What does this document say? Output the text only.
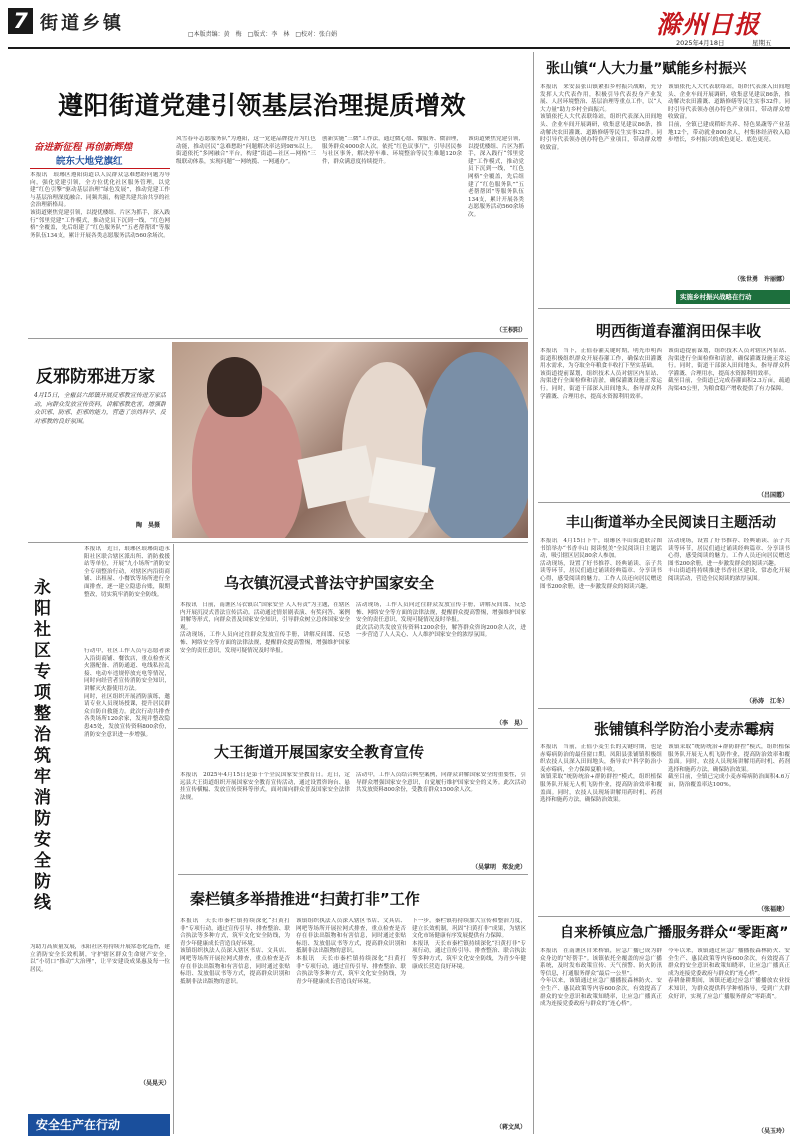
7 街道乡镇
□本版责编：黄　梅　□版式：李　林　□校对：张白娟	滁州日报
2025年4月18日	星期五
遵阳街道党建引领基层治理提质增效
奋进新征程 再创新辉煌
皖东大地党旗红
本报讯　琅琊区遵阳街道以人民群众急难愁盼问题为导向，强化党建引领，全方位优化社区服务管理，以党建“红色引擎”驱动基层治理“绿色发展”，推动党建工作与基层治理深度融合、同频共振，构建共建共治共享的社会治理新格局。
该街道聚焦党建引领，以提优楼组、片区为抓手，深入践行“邻里党建”工作模式，推动党员下沉到一线，“红色网格”全覆盖，先后组建了“红色服务队”“五老帮帮团”等服务队伍134支，累计开展各类志愿服务活动560余场次。
风雪春年志愿服务队”为遵阳，这一党建品牌提升为红色动能，推动居民“急难愁盼”问题解决率达到98%以上。街道依托“多网融合”平台，构建“街道—社区—网格”三级联动体系，实现问题“一网统揽、一网通办”。
创新实施“三微”工作法，通过微心愿、微服务、微治理，服务群众4000余人次。依托“红色议事厅”，引导居民参与社区事务，解决停车难、环境整治等民生难题120余件，群众满意度持续提升。
该街道聚焦党建引领，以提优楼组、片区为抓手，深入践行“邻里党建”工作模式，推动党员下沉到一线，“红色网格”全覆盖，先后组建了“红色服务队”“五老帮帮团”等服务队伍134支，累计开展各类志愿服务活动560余场次。
（王枳阳）
反邪防邪进万家
4月15日，全椒县六郎镇开展反邪教宣传进万家活动，向群众发放宣传资料，讲解邪教危害，增强群众识邪、防邪、拒邪的能力，营造了崇尚科学、反对邪教的良好氛围。
陶　昊摄
本报讯　近日，琅琊区琅琊街道永阳社区联合辖区派出所、消防救援站等单位，开展“九小场所”消防安全专项整治行动，对辖区内沿街商铺、出租屋、小餐饮等场所进行全面排查，逐一建立隐患台账，限期整改，切实筑牢消防安全防线。
永阳社区专项整治筑牢消防安全防线
行动中，社区工作人员与志愿者深入沿街商铺、餐饮店，重点检查灭火器配备、消防通道、电线私拉乱接、电动车违规停放充电等情况，同时向经营者宣传消防安全知识，讲解灭火器使用方法。
同时，社区组织开展消防演练，邀请专业人员现场授课，提升居民群众自防自救能力。此次行动共排查各类场所120余家，发现并整改隐患45处，发放宣传资料800余份，消防安全意识进一步增强。
为助力高质量发展，永阳社区将持续开展常态化巡查，建立消防安全长效机制，守护辖区群众生命财产安全，以“小切口”推动“大治理”，让平安建设成果惠及每一位居民。
（吴晃天）
安全生产在行动
乌衣镇沉浸式普法守护国家安全
本报讯　日前，南谯区乌衣镇以“国家安全 人人有责”为主题，在辖区内开展沉浸式普法宣传活动。活动通过情景剧表演、有奖问答、案例讲解等形式，向群众普及国家安全知识，引导群众树立总体国家安全观。
活动现场，工作人员向过往群众发放宣传手册，讲解反间谍、反恐怖、网络安全等方面的法律法规，提醒群众提高警惕，增强维护国家安全的责任意识，发现可疑情况及时举报。
活动现场，工作人员向过往群众发放宣传手册，讲解反间谍、反恐怖、网络安全等方面的法律法规，提醒群众提高警惕，增强维护国家安全的责任意识，发现可疑情况及时举报。
此次活动共发放宣传资料1200余份，解答群众咨询200余人次，进一步营造了人人关心、人人维护国家安全的浓厚氛围。
（李　晃）
大王街道开展国家安全教育宣传
本报讯　2025年4月15日是第十个全民国家安全教育日。近日，定远县大王街道组织开展国家安全教育宣传活动，通过设置咨询台、悬挂宣传横幅、发放宣传资料等形式，面对面向群众普及国家安全法律法规。
活动中，工作人员结合典型案例，向群众讲解国家安全的重要性，引导群众增强国家安全意识，自觉履行维护国家安全的义务。此次活动共发放资料800余份，受教育群众1500余人次。
（吴掌明　郑发虎）
秦栏镇多举措推进“扫黄打非”工作
本报讯　天长市秦栏镇持续深化“扫黄打非”专项行动，通过宣传引导、排查整治、联合执法等多种方式，筑牢文化安全防线，为青少年健康成长营造良好环境。
该镇组织执法人员深入辖区书店、文具店、网吧等场所开展拉网式排查，重点检查是否存在非法出版物和有害信息，同时通过张贴标语、发放倡议书等方式，提高群众识别和抵制非法出版物的意识。
该镇组织执法人员深入辖区书店、文具店、网吧等场所开展拉网式排查，重点检查是否存在非法出版物和有害信息，同时通过张贴标语、发放倡议书等方式，提高群众识别和抵制非法出版物的意识。
本报讯　天长市秦栏镇持续深化“扫黄打非”专项行动，通过宣传引导、排查整治、联合执法等多种方式，筑牢文化安全防线，为青少年健康成长营造良好环境。
下一步，秦栏镇将持续加大宣传和整治力度，建立长效机制，巩固“扫黄打非”成果，为辖区文化市场健康有序发展提供有力保障。
本报讯　天长市秦栏镇持续深化“扫黄打非”专项行动，通过宣传引导、排查整治、联合执法等多种方式，筑牢文化安全防线，为青少年健康成长营造良好环境。
（蒋文凤）
张山镇“人大力量”赋能乡村振兴
本报讯　来安县张山镇紧扣乡村振兴战略，充分发挥人大代表作用，积极引导代表投身产业发展、人居环境整治、基层治理等重点工作，以“人大力量”助力乡村全面振兴。
该镇依托人大代表联络站，组织代表深入田间地头、企业车间开展调研，收集意见建议86条，推动解决农田灌溉、道路修缮等民生实事32件。同时引导代表领办创办特色产业项目，带动群众增收致富。
该镇依托人大代表联络站，组织代表深入田间地头、企业车间开展调研，收集意见建议86条，推动解决农田灌溉、道路修缮等民生实事32件。同时引导代表领办创办特色产业项目，带动群众增收致富。
目前，全镇已建成稻虾共养、特色果蔬等产业基地12个，带动就业800余人，村集体经济收入稳步增长，乡村振兴的成色更足、底色更亮。
（张世勇　许丽娜）
实施乡村振兴战略在行动
明西街道春灌润田保丰收
本报讯　当下，正值春灌关键时期，明光市明西街道积极组织群众开展春灌工作，确保农田灌溉用水需求，为夺取全年粮食丰收打下坚实基础。
该街道提前谋划，组织技术人员对辖区内泵站、沟渠进行全面检修和清淤，确保灌溉设施正常运行。同时，街道干部深入田间地头，指导群众科学灌溉、合理用水，提高水资源利用效率。
该街道提前谋划，组织技术人员对辖区内泵站、沟渠进行全面检修和清淤，确保灌溉设施正常运行。同时，街道干部深入田间地头，指导群众科学灌溉、合理用水，提高水资源利用效率。
截至目前，全街道已完成春灌面积2.3万亩，疏通沟渠45公里，为粮食稳产增收提供了有力保障。
（吕国霞）
丰山街道举办全民阅读日主题活动
本报讯　4月15日下午，琅琊区丰山街道联合图书馆举办“书香丰山 阅读悦美”全民阅读日主题活动，吸引辖区居民80余人参加。
活动现场，设置了好书推荐、经典诵读、亲子共读等环节，居民们通过诵读经典篇章、分享读书心得，感受阅读的魅力。工作人员还向居民赠送图书200余册，进一步激发群众的阅读兴趣。
活动现场，设置了好书推荐、经典诵读、亲子共读等环节，居民们通过诵读经典篇章、分享读书心得，感受阅读的魅力。工作人员还向居民赠送图书200余册，进一步激发群众的阅读兴趣。
丰山街道将持续推进书香社区建设，常态化开展阅读活动，营造全民阅读的浓厚氛围。
（孙涛　江冬）
张铺镇科学防治小麦赤霉病
本报讯　当前，正值小麦生长的关键时期，也是赤霉病防治的最佳窗口期。凤阳县张铺镇积极组织农技人员深入田间地头，指导农户科学防治小麦赤霉病，全力保障夏粮丰收。
该镇采取“统防统治+群防群控”模式，组织植保服务队开展无人机飞防作业，提高防治效率和覆盖面。同时，农技人员现场讲解用药时机、药剂选择和施药方法，确保防治效果。
该镇采取“统防统治+群防群控”模式，组织植保服务队开展无人机飞防作业，提高防治效率和覆盖面。同时，农技人员现场讲解用药时机、药剂选择和施药方法，确保防治效果。
截至目前，全镇已完成小麦赤霉病防治面积4.6万亩，防治覆盖率达100%。
（张福建）
自来桥镇应急广播服务群众“零距离”
本报讯　在南谯区自来桥镇，应急广播已成为群众身边的“好帮手”。该镇依托全覆盖的应急广播系统，及时发布政策宣传、天气预警、防火防汛等信息，打通服务群众“最后一公里”。
今年以来，该镇通过应急广播播报森林防火、安全生产、惠民政策等内容600余次，有效提高了群众的安全意识和政策知晓率，让应急广播真正成为连接党委政府与群众的“连心桥”。
今年以来，该镇通过应急广播播报森林防火、安全生产、惠民政策等内容600余次，有效提高了群众的安全意识和政策知晓率，让应急广播真正成为连接党委政府与群众的“连心桥”。
春耕备耕期间，该镇还通过应急广播播放农业技术知识，为群众提供科学种植指导，受到广大群众好评，实现了应急广播服务群众“零距离”。
（吴玉玲）
